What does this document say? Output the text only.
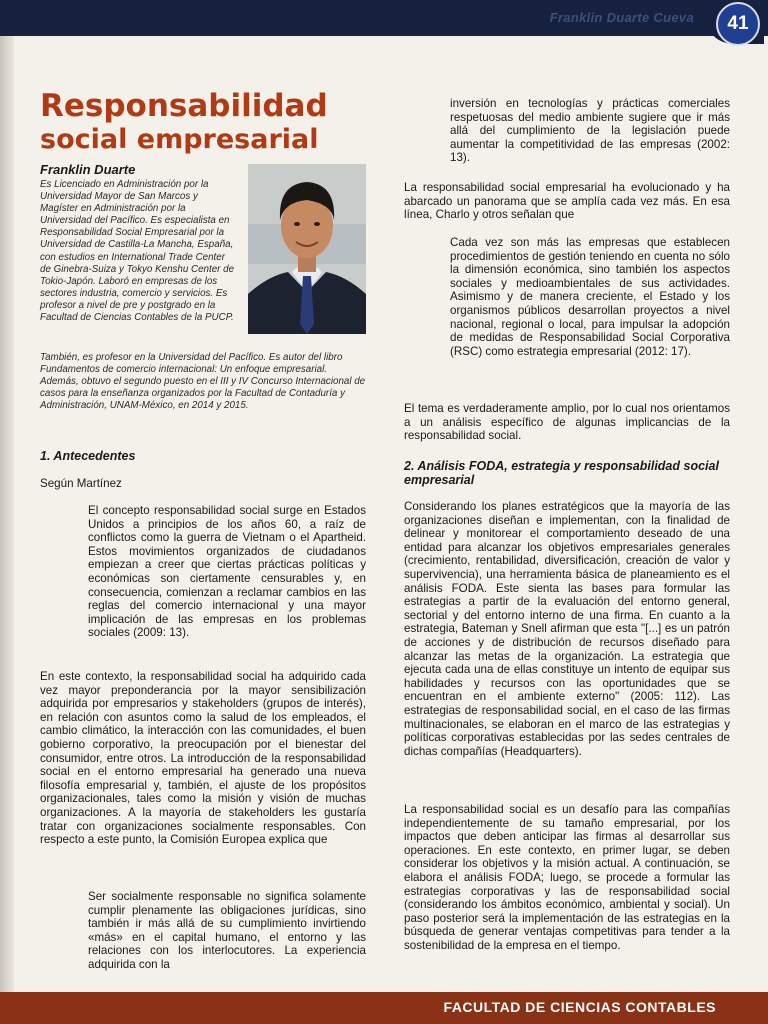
Franklin Duarte Cueva	41
Responsabilidad
social empresarial
Franklin Duarte
Es Licenciado en Administración por la Universidad Mayor de San Marcos y Magíster en Administración por la Universidad del Pacífico. Es especialista en Responsabilidad Social Empresarial por la Universidad de Castilla-La Mancha, España, con estudios en International Trade Center de Ginebra-Suiza y Tokyo Kenshu Center de Tokio-Japón. Laboró en empresas de los sectores industria, comercio y servicios. Es profesor a nivel de pre y postgrado en la Facultad de Ciencias Contables de la PUCP.
También, es profesor en la Universidad del Pacífico. Es autor del libro Fundamentos de comercio internacional: Un enfoque empresarial. Además, obtuvo el segundo puesto en el III y IV Concurso Internacional de casos para la enseñanza organizados por la Facultad de Contaduría y Administración, UNAM-México, en 2014 y 2015.
1. Antecedentes

Según Martínez

El concepto responsabilidad social surge en Estados Unidos a principios de los años 60, a raíz de conflictos como la guerra de Vietnam o el Apartheid. Estos movimientos organizados de ciudadanos empiezan a creer que ciertas prácticas políticas y económicas son ciertamente censurables y, en consecuencia, comienzan a reclamar cambios en las reglas del comercio internacional y una mayor implicación de las empresas en los problemas sociales (2009: 13).
En este contexto, la responsabilidad social ha adquirido cada vez mayor preponderancia por la mayor sensibilización adquirida por empresarios y stakeholders (grupos de interés), en relación con asuntos como la salud de los empleados, el cambio climático, la interacción con las comunidades, el buen gobierno corporativo, la preocupación por el bienestar del consumidor, entre otros. La introducción de la responsabilidad social en el entorno empresarial ha generado una nueva filosofía empresarial y, también, el ajuste de los propósitos organizacionales, tales como la misión y visión de muchas organizaciones. A la mayoría de stakeholders les gustaría tratar con organizaciones socialmente responsables. Con respecto a este punto, la Comisión Europea explica que
Ser socialmente responsable no significa solamente cumplir plenamente las obligaciones jurídicas, sino también ir más allá de su cumplimiento invirtiendo «más» en el capital humano, el entorno y las relaciones con los interlocutores. La experiencia adquirida con la
inversión en tecnologías y prácticas comerciales respetuosas del medio ambiente sugiere que ir más allá del cumplimiento de la legislación puede aumentar la competitividad de las empresas (2002: 13).
La responsabilidad social empresarial ha evolucionado y ha abarcado un panorama que se amplía cada vez más. En esa línea, Charlo y otros señalan que
Cada vez son más las empresas que establecen procedimientos de gestión teniendo en cuenta no sólo la dimensión económica, sino también los aspectos sociales y medioambientales de sus actividades. Asimismo y de manera creciente, el Estado y los organismos públicos desarrollan proyectos a nivel nacional, regional o local, para impulsar la adopción de medidas de Responsabilidad Social Corporativa (RSC) como estrategia empresarial (2012: 17).
El tema es verdaderamente amplio, por lo cual nos orientamos a un análisis específico de algunas implicancias de la responsabilidad social.
2. Análisis FODA, estrategia y responsabilidad social empresarial
Considerando los planes estratégicos que la mayoría de las organizaciones diseñan e implementan, con la finalidad de delinear y monitorear el comportamiento deseado de una entidad para alcanzar los objetivos empresariales generales (crecimiento, rentabilidad, diversificación, creación de valor y supervivencia), una herramienta básica de planeamiento es el análisis FODA. Este sienta las bases para formular las estrategias a partir de la evaluación del entorno general, sectorial y del entorno interno de una firma. En cuanto a la estrategia, Bateman y Snell afirman que esta "[...] es un patrón de acciones y de distribución de recursos diseñado para alcanzar las metas de la organización. La estrategia que ejecuta cada una de ellas constituye un intento de equipar sus habilidades y recursos con las oportunidades que se encuentran en el ambiente externo" (2005: 112). Las estrategias de responsabilidad social, en el caso de las firmas multinacionales, se elaboran en el marco de las estrategias y políticas corporativas establecidas por las sedes centrales de dichas compañías (Headquarters).
La responsabilidad social es un desafío para las compañías independientemente de su tamaño empresarial, por los impactos que deben anticipar las firmas al desarrollar sus operaciones. En este contexto, en primer lugar, se deben considerar los objetivos y la misión actual. A continuación, se elabora el análisis FODA; luego, se procede a formular las estrategias corporativas y las de responsabilidad social (considerando los ámbitos económico, ambiental y social). Un paso posterior será la implementación de las estrategias en la búsqueda de generar ventajas competitivas para tender a la sostenibilidad de la empresa en el tiempo.
FACULTAD DE CIENCIAS CONTABLES
